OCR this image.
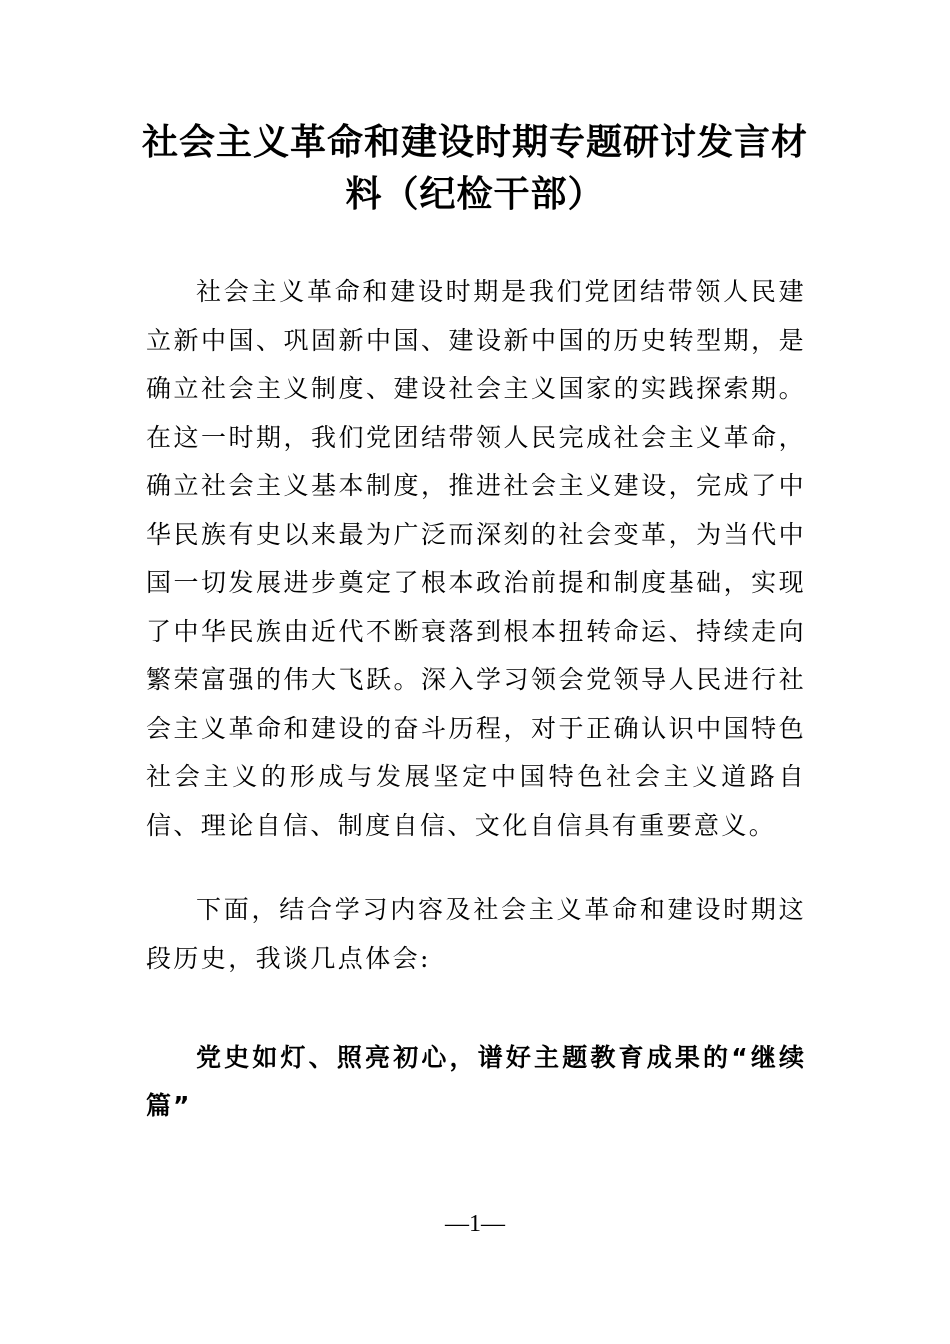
社会主义革命和建设时期专题研讨发言材料（纪检干部）

社会主义革命和建设时期是我们党团结带领人民建立新中国、巩固新中国、建设新中国的历史转型期，是确立社会主义制度、建设社会主义国家的实践探索期。在这一时期，我们党团结带领人民完成社会主义革命，确立社会主义基本制度，推进社会主义建设，完成了中华民族有史以来最为广泛而深刻的社会变革，为当代中国一切发展进步奠定了根本政治前提和制度基础，实现了中华民族由近代不断衰落到根本扭转命运、持续走向繁荣富强的伟大飞跃。深入学习领会党领导人民进行社会主义革命和建设的奋斗历程，对于正确认识中国特色社会主义的形成与发展坚定中国特色社会主义道路自信、理论自信、制度自信、文化自信具有重要意义。

下面，结合学习内容及社会主义革命和建设时期这段历史，我谈几点体会:

党史如灯、照亮初心，谱好主题教育成果的“继续篇”

—1—
